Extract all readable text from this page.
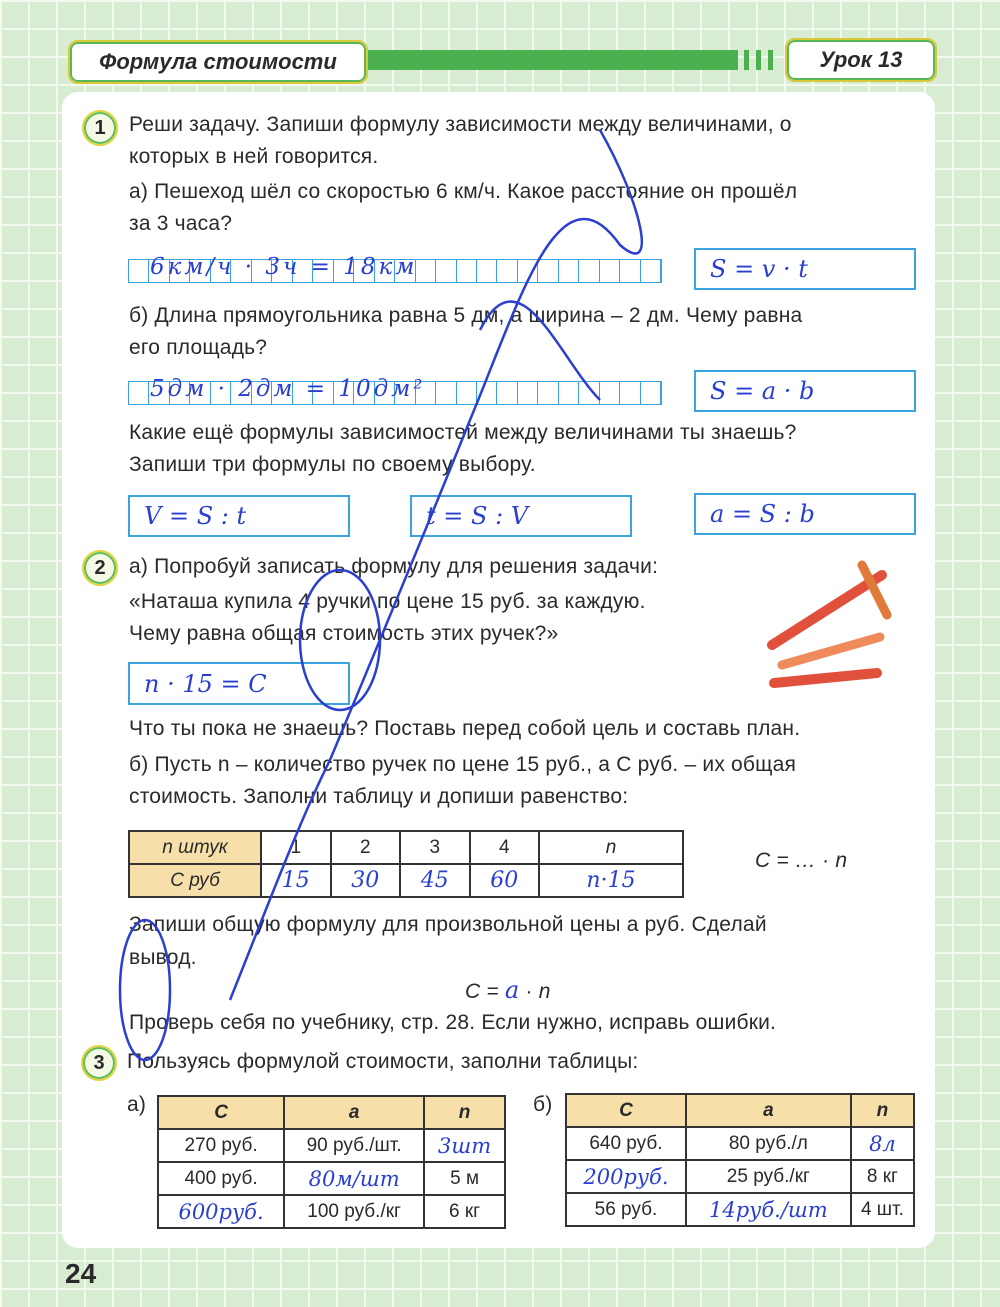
Формула стоимости	Урок 13
1	Реши задачу. Запиши формулу зависимости между величинами, о
которых в ней говорится.
а) Пешеход шёл со скоростью 6 км/ч. Какое расстояние он прошёл
за 3 часа?
6км/ч · 3ч = 18км	S = v · t
б) Длина прямоугольника равна 5 дм, а ширина – 2 дм. Чему равна
его площадь?
5дм · 2дм = 10дм²	S = a · b
Какие ещё формулы зависимостей между величинами ты знаешь?
Запиши три формулы по своему выбору.
V = S : t	t = S : V	a = S : b
2	а) Попробуй записать формулу для решения задачи:
«Наташа купила 4 ручки по цене 15 руб. за каждую.
Чему равна общая стоимость этих ручек?»
n · 15 = C
Что ты пока не знаешь? Поставь перед собой цель и составь план.
б) Пусть n – количество ручек по цене 15 руб., а C руб. – их общая
стоимость. Заполни таблицу и допиши равенство:
n штук	1	2	3	4	n
C руб	15	30	45	60	n·15
C = … · n
Запиши общую формулу для произвольной цены a руб. Сделай
вывод.
C = a · n
Проверь себя по учебнику, стр. 28. Если нужно, исправь ошибки.
3	Пользуясь формулой стоимости, заполни таблицы:
а)	C	a	n
270 руб.	90 руб./шт.	3шт
400 руб.	80м/шт	5 м
600руб.	100 руб./кг	6 кг
б)	C	a	n
640 руб.	80 руб./л	8л
200руб.	25 руб./кг	8 кг
56 руб.	14руб./шт	4 шт.
24
